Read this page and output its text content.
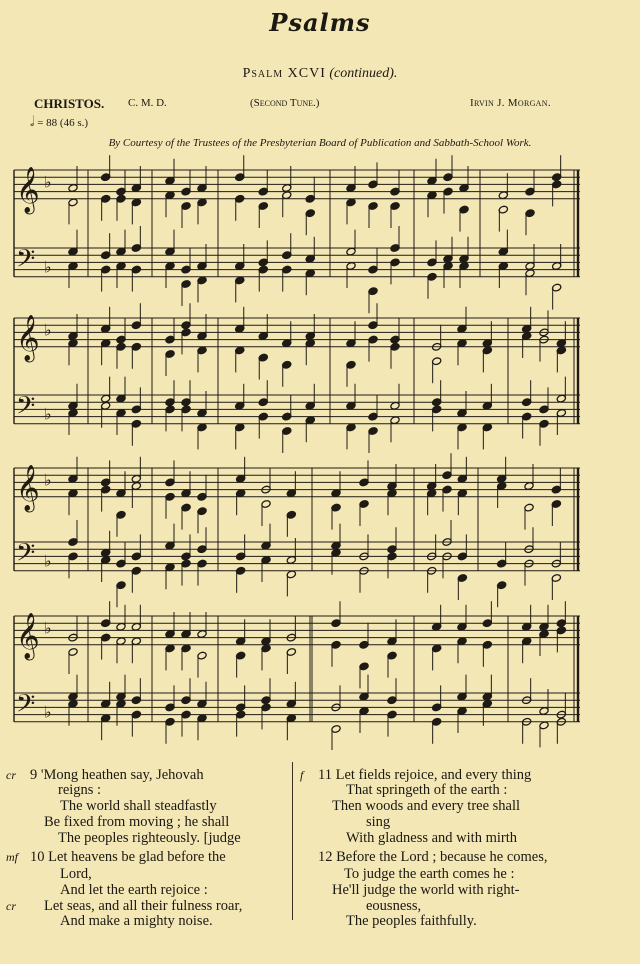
Psalms
Psalm XCVI (continued).
CHRISTOS. C. M. D.	(Second Tune.)	Irvin J. Morgan.
𝅗𝅥 = 88 (46 s.)
By Courtesy of the Trustees of the Presbyterian Board of Publication and Sabbath-School Work.
𝄞
𝄢
♭
♭
𝄞
𝄢
♭
♭
𝄞
𝄢
♭
♭
𝄞
𝄢
♭
♭
cr 9 'Mong heathen say, Jehovah
reigns :
The world shall steadfastly
Be fixed from moving ; he shall
The peoples righteously. [judge
mf 10 Let heavens be glad before the
Lord,
And let the earth rejoice :
cr Let seas, and all their fulness roar,
And make a mighty noise.
f 11 Let fields rejoice, and every thing
That springeth of the earth :
Then woods and every tree shall
sing
With gladness and with mirth
12 Before the Lord ; because he comes,
To judge the earth comes he :
He'll judge the world with right-
eousness,
The peoples faithfully.
